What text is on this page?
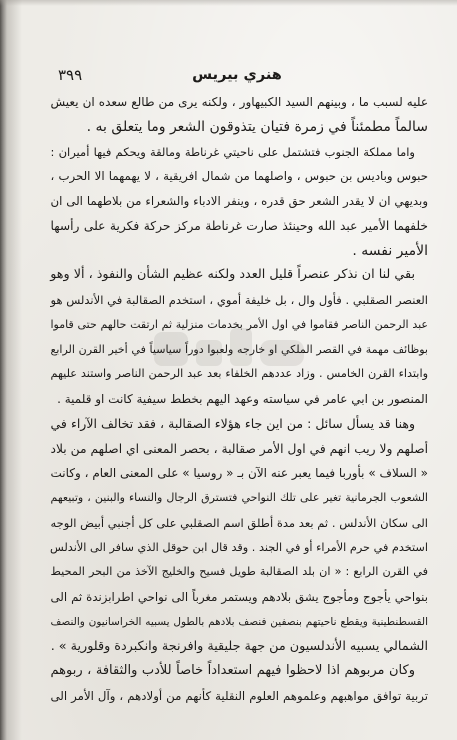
٣٩٩	هنري بيريس
عليه لسبب ما ، وبينهم السيد الكبيهاور ، ولكنه يرى من طالع سعده ان يعيش
سالماً مطمئناً في زمرة فتيان يتذوقون الشعر وما يتعلق به .
واما مملكة الجنوب فتشتمل على ناحيتي غرناطة ومالقة ويحكم فيها أميران :
حبوس وباديس بن حبوس ، واصلهما من شمال افريقية ، لا يهمهما الا الحرب ،
وبديهي ان لا يقدر الشعر حق قدره ، وينفر الادباء والشعراء من بلاطهما الى ان
خلفهما الأمير عبد الله وحينئذ صارت غرناطة مركز حركة فكرية على رأسها
الأمير نفسه .
بقي لنا ان نذكر عنصراً قليل العدد ولكنه عظيم الشأن والنفوذ ، ألا وهو
العنصر الصقلبي . فأول وال ، بل خليفة أموي ، استخدم الصقالبة في الأندلس هو
عبد الرحمن الناصر فقاموا في اول الأمر بخدمات منزلية ثم ارتقت حالهم حتى قاموا
بوظائف مهمة في القصر الملكي او خارجه ولعبوا دوراً سياسياً في أخير القرن الرابع
وابتداء القرن الخامس . وزاد عددهم الخلفاء بعد عبد الرحمن الناصر واستند عليهم
المنصور بن ابي عامر في سياسته وعهد اليهم بخطط سيفية كانت او قلمية .
وهنا قد يسأل سائل : من اين جاء هؤلاء الصقالبة ، فقد تخالف الآراء في
أصلهم ولا ريب انهم في اول الأمر صقالبة ، بحصر المعنى اي اصلهم من بلاد
« السلاف » بأوربا فيما يعبر عنه الآن بـ « روسيا » على المعنى العام ، وكانت
الشعوب الجرمانية تغير على تلك النواحي فتسترق الرجال والنساء والبنين ، وتبيعهم
الى سكان الأندلس . ثم بعد مدة أطلق اسم الصقلبي على كل أجنبي أبيض الوجه
استخدم في حرم الأمراء أو في الجند . وقد قال ابن حوقل الذي سافر الى الأندلس
في القرن الرابع : « ان بلد الصقالبة طويل فسيح والخليج الآخذ من البحر المحيط
بنواحي يأجوج ومأجوج يشق بلادهم ويستمر مغرباً الى نواحي اطرابزندة ثم الى
القسطنطينية ويقطع ناحيتهم بنصفين فنصف بلادهم بالطول يسبيه الخراسانيون والنصف
الشمالي يسبيه الأندلسيون من جهة جليقية وافرنجة وانكبردة وقلورية » .
وكان مربوهم اذا لاحظوا فيهم استعداداً خاصاً للأدب والثقافة ، ربوهم
تربية توافق مواهبهم وعلموهم العلوم النقلية كأنهم من أولادهم ، وآل الأمر الى
